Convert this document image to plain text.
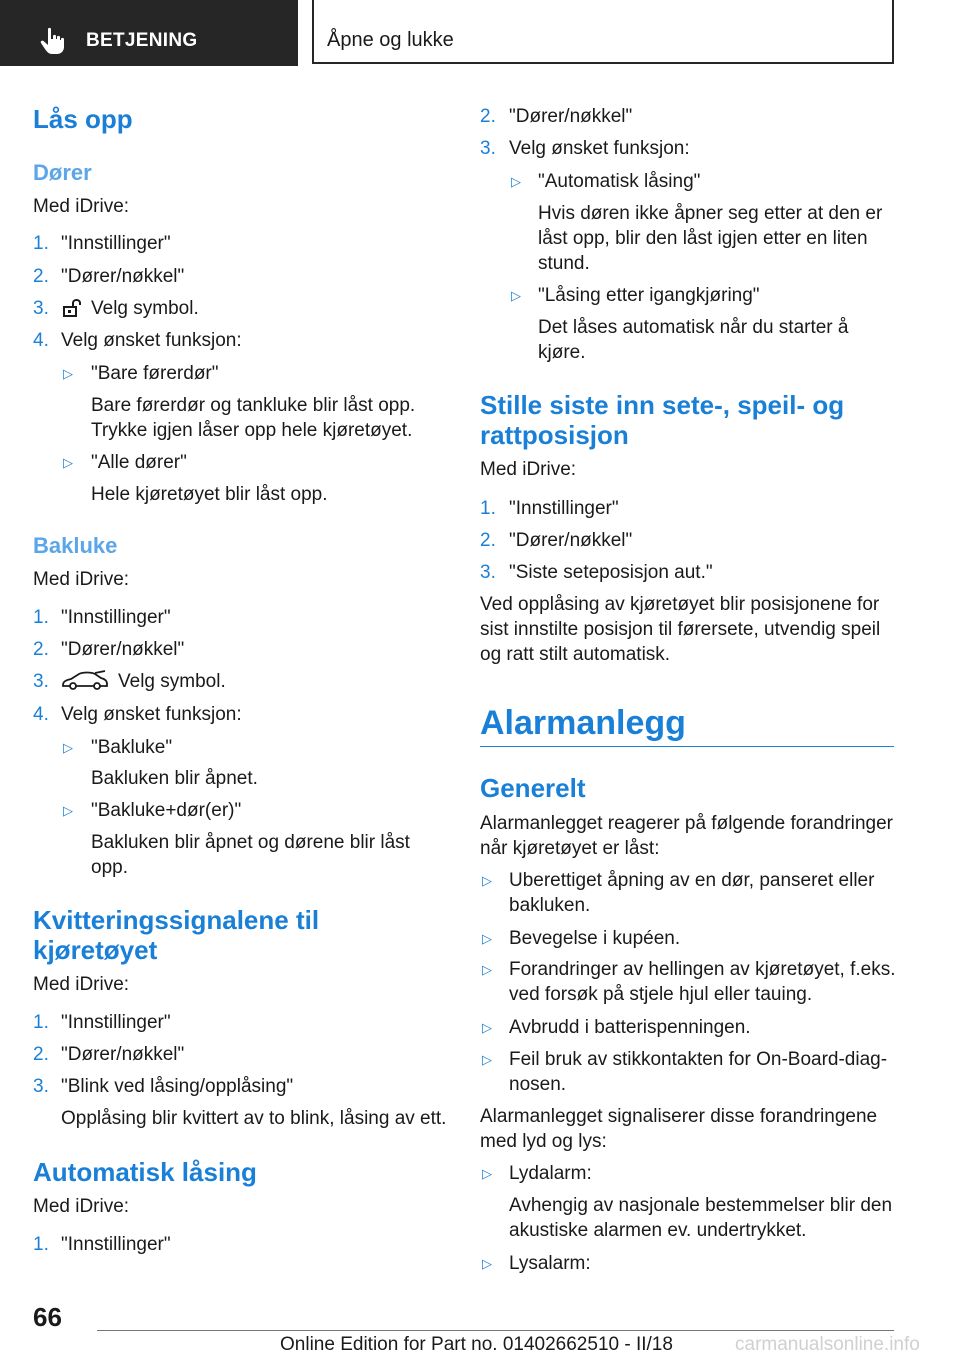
BETJENING	Åpne og lukke
Lås opp
Dører
Med iDrive:
1. "Innstillinger"
2. "Dører/nøkkel"
3. Velg symbol.
4. Velg ønsket funksjon:
▷ "Bare førerdør"
Bare førerdør og tankluke blir låst opp.
Trykke igjen låser opp hele kjøretøyet.
▷ "Alle dører"
Hele kjøretøyet blir låst opp.
Bakluke
Med iDrive:
1. "Innstillinger"
2. "Dører/nøkkel"
3.	Velg symbol.
4. Velg ønsket funksjon:
▷ "Bakluke"
Bakluken blir åpnet.
▷ "Bakluke+dør(er)"
Bakluken blir åpnet og dørene blir låst
opp.
Kvitteringssignalene til
kjøretøyet
Med iDrive:
1. "Innstillinger"
2. "Dører/nøkkel"
3. "Blink ved låsing/opplåsing"
Opplåsing blir kvittert av to blink, låsing av ett.
Automatisk låsing
Med iDrive:
1. "Innstillinger"
2. "Dører/nøkkel"
3. Velg ønsket funksjon:
▷ "Automatisk låsing"
Hvis døren ikke åpner seg etter at den er
låst opp, blir den låst igjen etter en liten
stund.
▷ "Låsing etter igangkjøring"
Det låses automatisk når du starter å
kjøre.
Stille siste inn sete-, speil- og
rattposisjon
Med iDrive:
1. "Innstillinger"
2. "Dører/nøkkel"
3. "Siste seteposisjon aut."
Ved opplåsing av kjøretøyet blir posisjonene for
sist innstilte posisjon til førersete, utvendig speil
og ratt stilt automatisk.
Alarmanlegg
Generelt
Alarmanlegget reagerer på følgende forandringer
når kjøretøyet er låst:
▷ Uberettiget åpning av en dør, panseret eller
bakluken.
▷ Bevegelse i kupéen.
▷ Forandringer av hellingen av kjøretøyet, f.eks.
ved forsøk på stjele hjul eller tauing.
▷ Avbrudd i batterispenningen.
▷ Feil bruk av stikkontakten for On-Board-diag-
nosen.
Alarmanlegget signaliserer disse forandringene
med lyd og lys:
▷ Lydalarm:
Avhengig av nasjonale bestemmelser blir den
akustiske alarmen ev. undertrykket.
▷ Lysalarm:
66
Online Edition for Part no. 01402662510 - II/18	carmanualsonline.info
